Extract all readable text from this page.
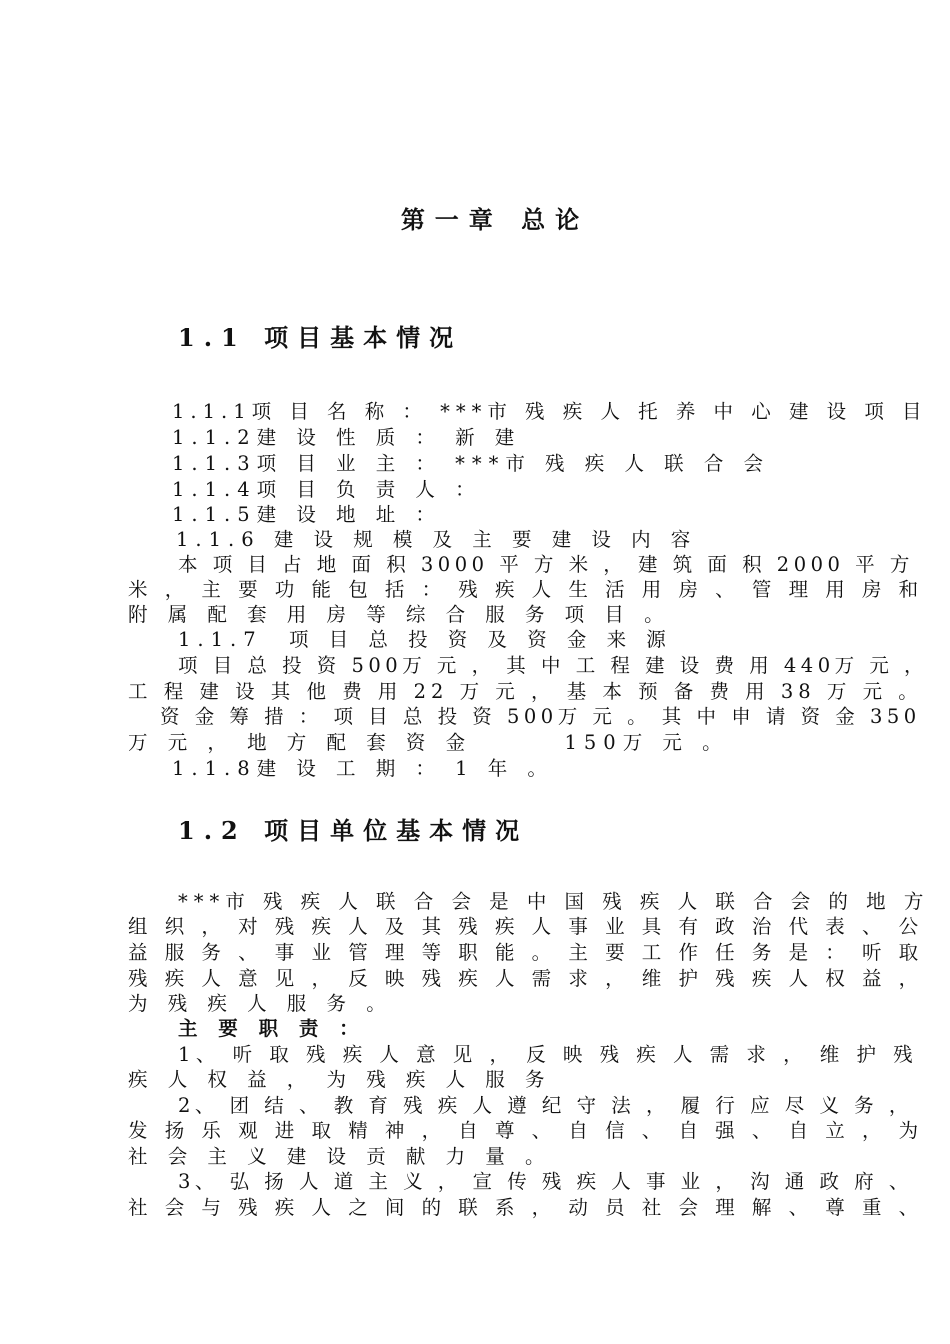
第一章 总论
1.1 项目基本情况
1.1.1项 目 名 称 ： ***市 残 疾 人 托 养 中 心 建 设 项 目
1.1.2建 设 性 质 ： 新 建
1.1.3项 目 业 主 ： ***市 残 疾 人 联 合 会
1.1.4项 目 负 责 人 ：
1.1.5建 设 地 址 ：
1.1.6 建 设 规 模 及 主 要 建 设 内 容
本 项 目 占 地 面 积 3000 平 方 米 ， 建 筑 面 积 2000 平 方
米 ， 主 要 功 能 包 括 ： 残 疾 人 生 活 用 房 、 管 理 用 房 和
附 属 配 套 用 房 等 综 合 服 务 项 目 。
1.1.7  项 目 总 投 资 及 资 金 来 源
项 目 总 投 资 500万 元 ， 其 中 工 程 建 设 费 用 440万 元 ，
工 程 建 设 其 他 费 用 22 万 元 ， 基 本 预 备 费 用 38 万 元 。
资 金 筹 措 ： 项 目 总 投 资 500万 元 。 其 中 申 请 资 金 350
万 元 ， 地 方 配 套 资 金       150万 元 。
1.1.8建 设 工 期 ： 1 年 。
1.2 项目单位基本情况
***市 残 疾 人 联 合 会 是 中 国 残 疾 人 联 合 会 的 地 方
组 织 ， 对 残 疾 人 及 其 残 疾 人 事 业 具 有 政 治 代 表 、 公
益 服 务 、 事 业 管 理 等 职 能 。 主 要 工 作 任 务 是 ： 听 取
残 疾 人 意 见 ， 反 映 残 疾 人 需 求 ， 维 护 残 疾 人 权 益 ，
为 残 疾 人 服 务 。
主 要 职 责 ：
1、 听 取 残 疾 人 意 见 ， 反 映 残 疾 人 需 求 ， 维 护 残
疾 人 权 益 ， 为 残 疾 人 服 务
2、 团 结 、 教 育 残 疾 人 遵 纪 守 法 ， 履 行 应 尽 义 务 ，
发 扬 乐 观 进 取 精 神 ， 自 尊 、 自 信 、 自 强 、 自 立 ， 为
社 会 主 义 建 设 贡 献 力 量 。
3、 弘 扬 人 道 主 义 ， 宣 传 残 疾 人 事 业 ， 沟 通 政 府 、
社 会 与 残 疾 人 之 间 的 联 系 ， 动 员 社 会 理 解 、 尊 重 、
